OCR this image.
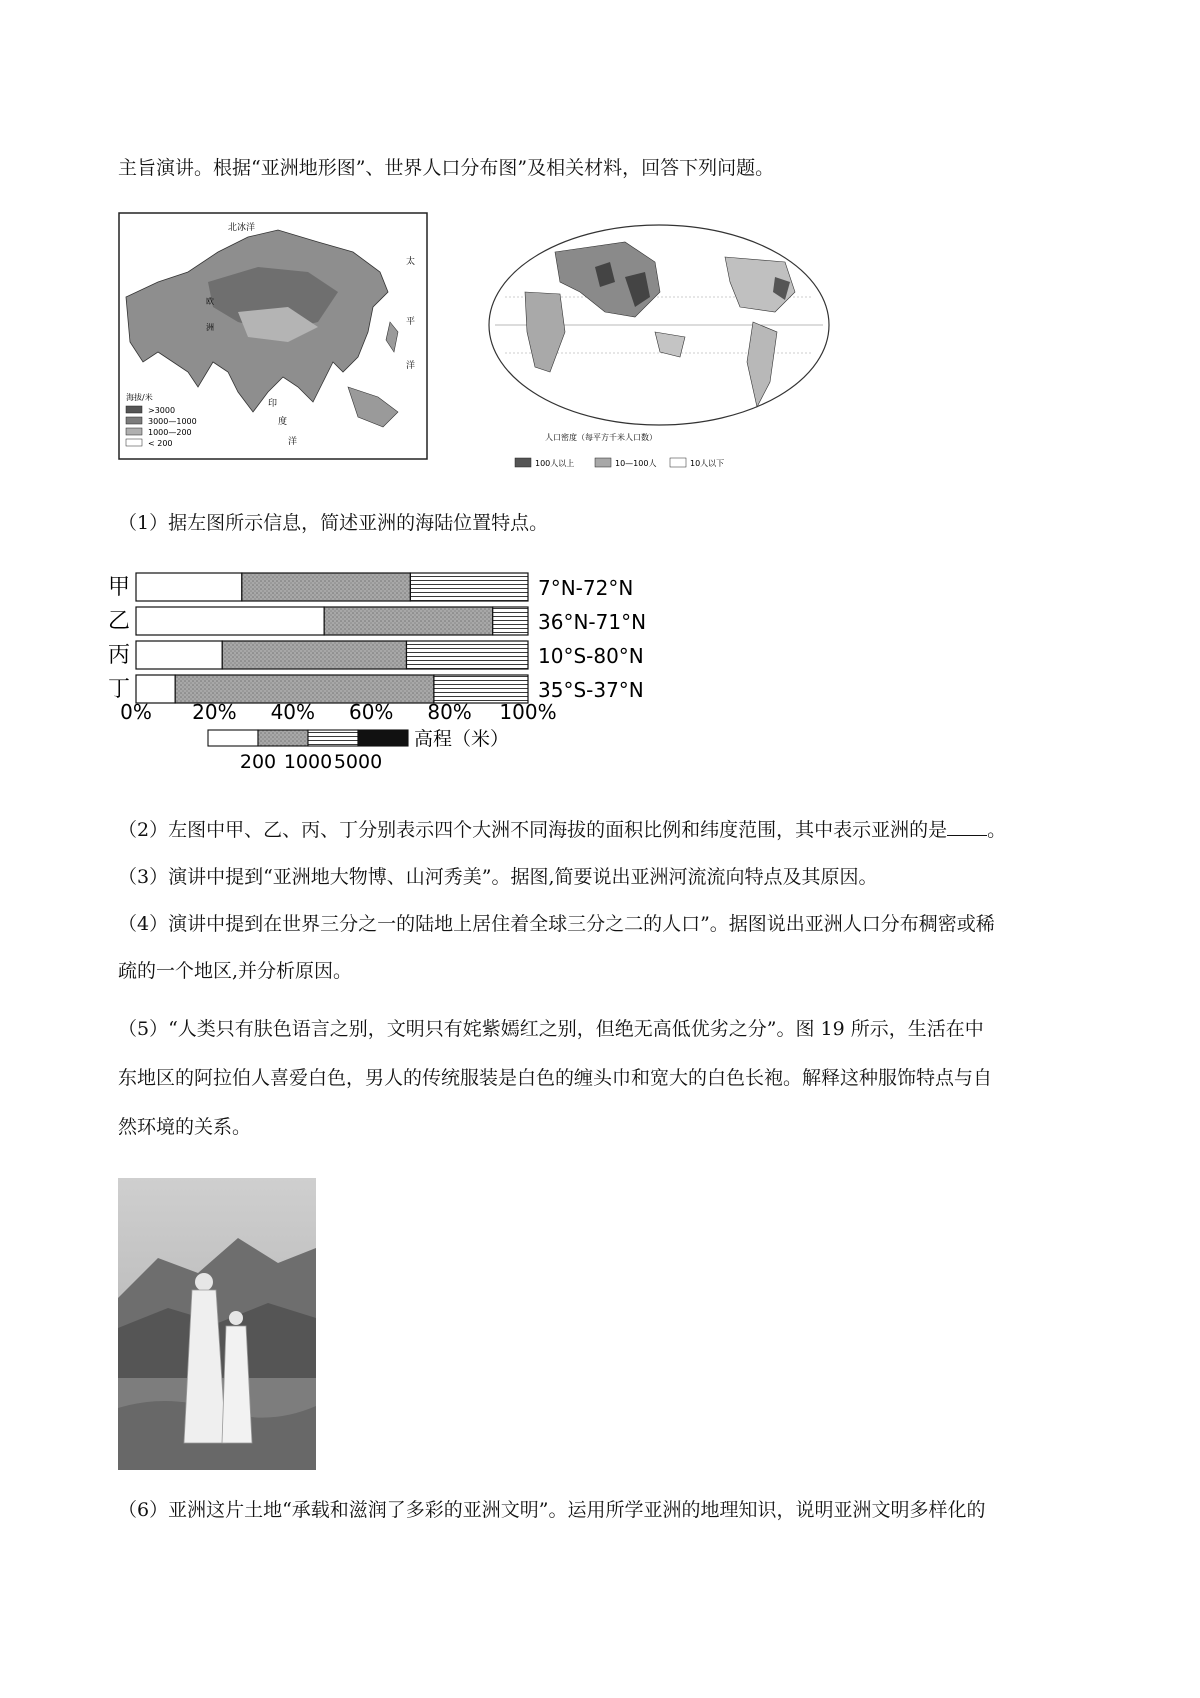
主旨演讲。根据“亚洲地形图”、世界人口分布图”及相关材料，回答下列问题。
北冰洋
太
平
洋
印
度
洋
欧
洲
海拔/米
>3000
3000—1000
1000—200
< 200
人口密度（每平方千米人口数）
100人以上	10—100人	10人以下
（1）据左图所示信息，简述亚洲的海陆位置特点。
甲	7°N-72°N
乙	36°N-71°N
丙	10°S-80°N
丁	35°S-37°N
0% 20% 40% 60% 80% 100%
高程（米）
200 1000 5000
（2）左图中甲、乙、丙、丁分别表示四个大洲不同海拔的面积比例和纬度范围，其中表示亚洲的是 。
（3）演讲中提到“亚洲地大物博、山河秀美”。据图,简要说出亚洲河流流向特点及其原因。
（4）演讲中提到在世界三分之一的陆地上居住着全球三分之二的人口”。据图说出亚洲人口分布稠密或稀
疏的一个地区,并分析原因。
（5）“人类只有肤色语言之别，文明只有姹紫嫣红之别，但绝无高低优劣之分”。图 19 所示，生活在中
东地区的阿拉伯人喜爱白色，男人的传统服装是白色的缠头巾和宽大的白色长袍。解释这种服饰特点与自
然环境的关系。
（6）亚洲这片土地“承载和滋润了多彩的亚洲文明”。运用所学亚洲的地理知识，说明亚洲文明多样化的
